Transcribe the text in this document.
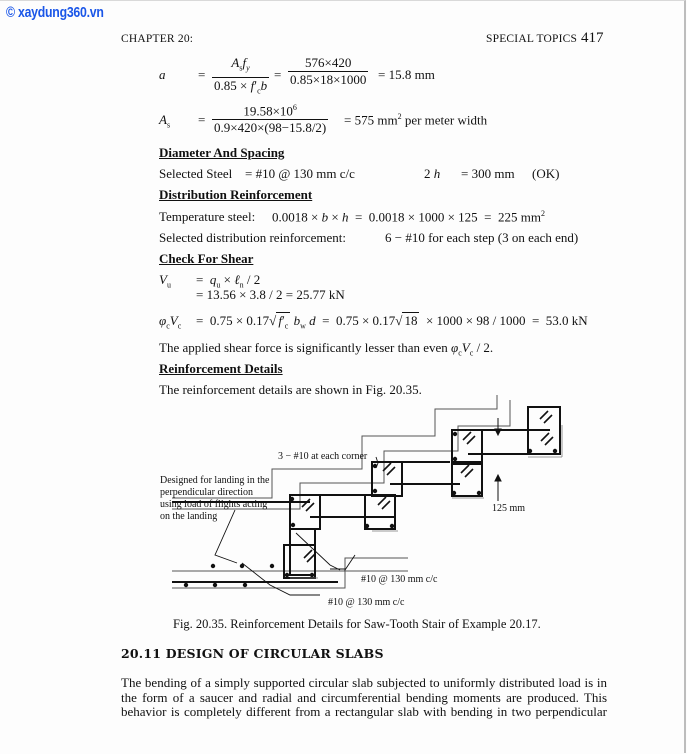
© xaydung360.vn
CHAPTER 20:	SPECIAL TOPICS 417
a	= $\frac{A_sf_y}{0.85 \times f'_cb} = \frac{576\times 420}{0.85\times 18\times 1000} = 15.8$ mm
$A_s = \frac{19.58\times 10^6}{0.9\times 420\times(98-15.8/2)} = 575$ $mm^2$ per meter width
Diameter And Spacing
Selected Steel = #10 @ 130 mm c/c	2 h = 300 mm (OK)
Distribution Reinforcement
Temperature steel: 0.0018 × b × h  =  0.0018 × 1000 × 125  =  225 $mm^2$
Selected distribution reinforcement:	6 − #10 for each step (3 on each end)
Check For Shear
$V_u = q_u$ × ℓ$_n$ / 2
= 13.56 × 3.8 / 2 = 25.77 kN
$\varphi_cV_c = 0.75 \times 0.17√$ $f'_c$ $b_w$ d  =  0.75 × 0.17√ 18  × 1000 × 98 / 1000  =  53.0 kN
The applied shear force is significantly lesser than even $\varphi_cV_c / 2$.
Reinforcement Details
The reinforcement details are shown in Fig. 20.35.
3 − #10 at each corner
Designed for landing in the
perpendicular direction
using load of flights acting
on the landing
125 mm
#10 @ 130 mm c/c
#10 @ 130 mm c/c
Fig. 20.35. Reinforcement Details for Saw-Tooth Stair of Example 20.17.
20.11 DESIGN OF CIRCULAR SLABS
The bending of a simply supported circular slab subjected to uniformly distributed load is in
the form of a saucer and radial and circumferential bending moments are produced. This
behavior is completely different from a rectangular slab with bending in two perpendicular
